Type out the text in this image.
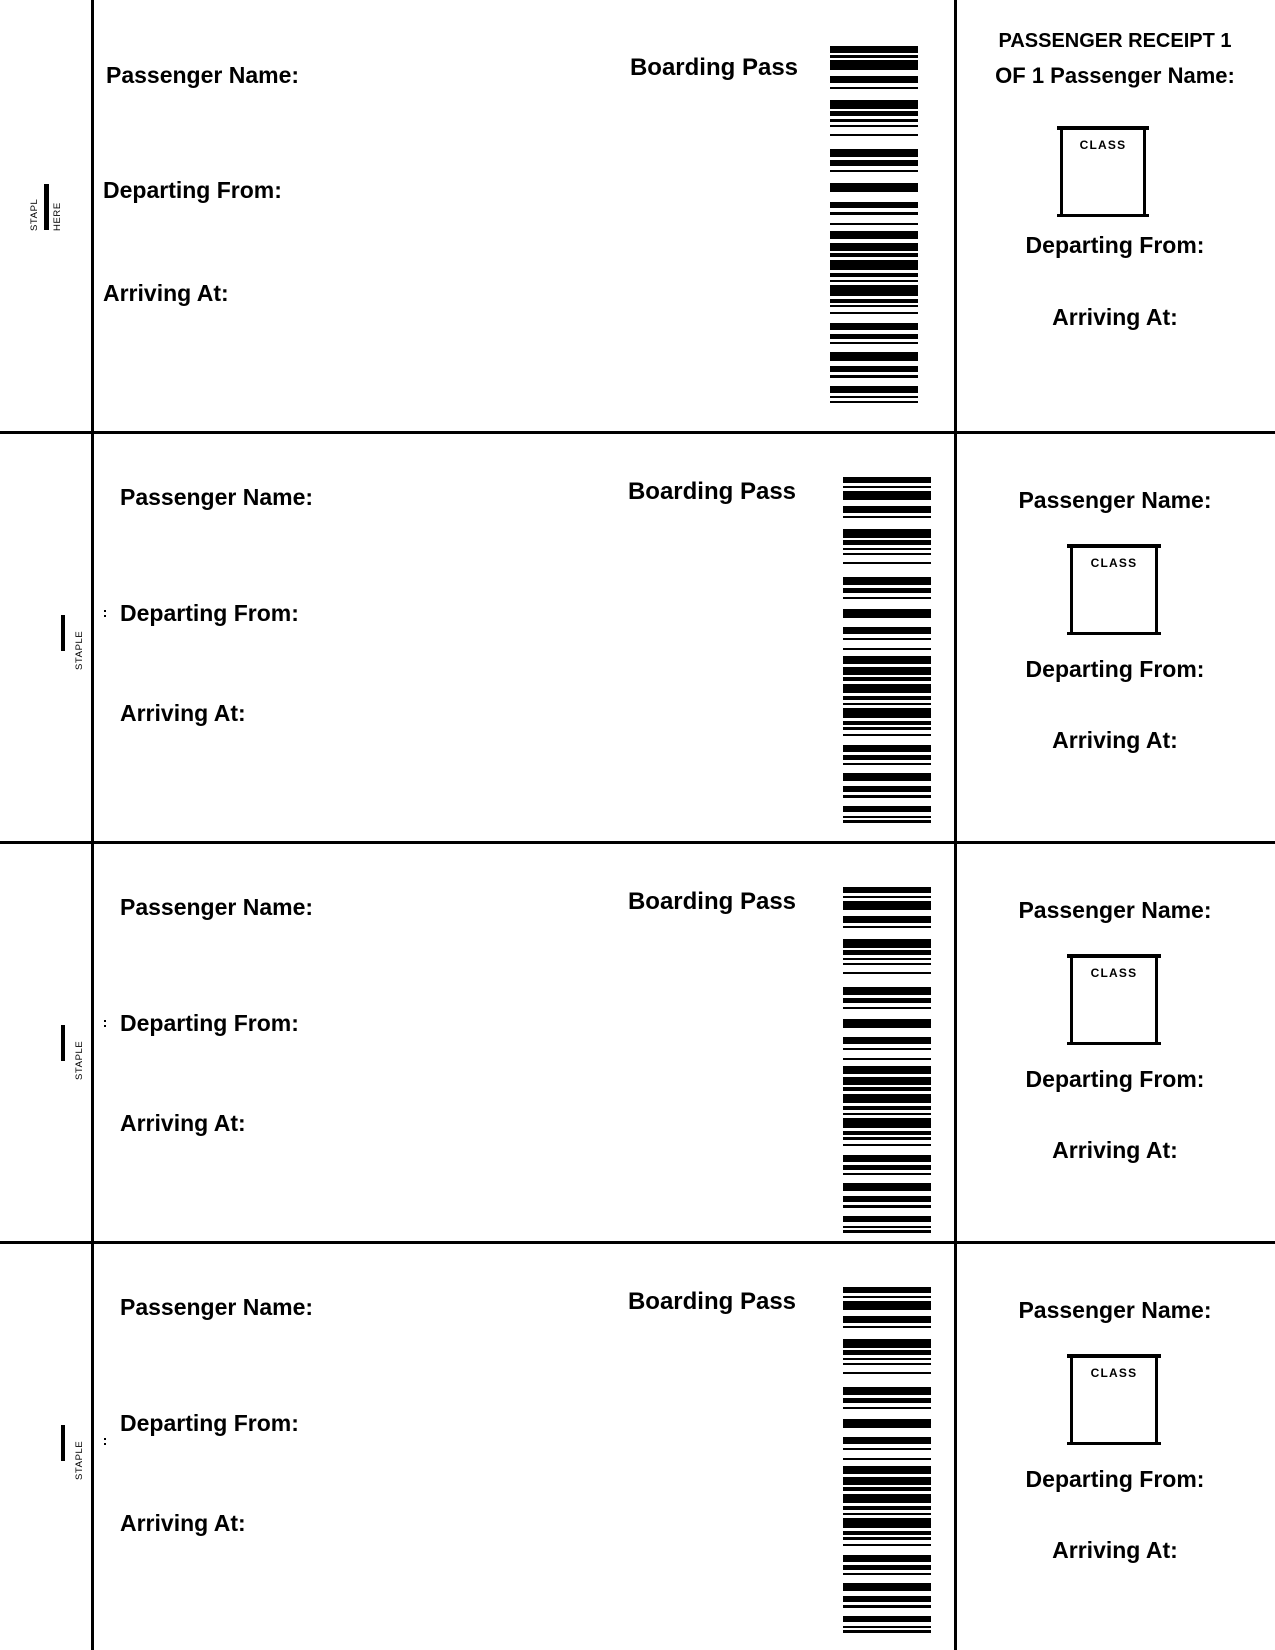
STAPL HERE
Passenger Name:
Departing From:
Arriving At:
Boarding Pass
PASSENGER RECEIPT 1
OF 1 Passenger Name:
CLASS
Departing From:
Arriving At:
STAPLE
Passenger Name:
Departing From:
Arriving At:
Boarding Pass	Passenger Name:
CLASS
Departing From:
Arriving At:
STAPLE
Passenger Name:
Departing From:
Arriving At:
Boarding Pass	Passenger Name:
CLASS
Departing From:
Arriving At:
STAPLE
Passenger Name:
Departing From:
Arriving At:
Boarding Pass	Passenger Name:
CLASS
Departing From:
Arriving At:
